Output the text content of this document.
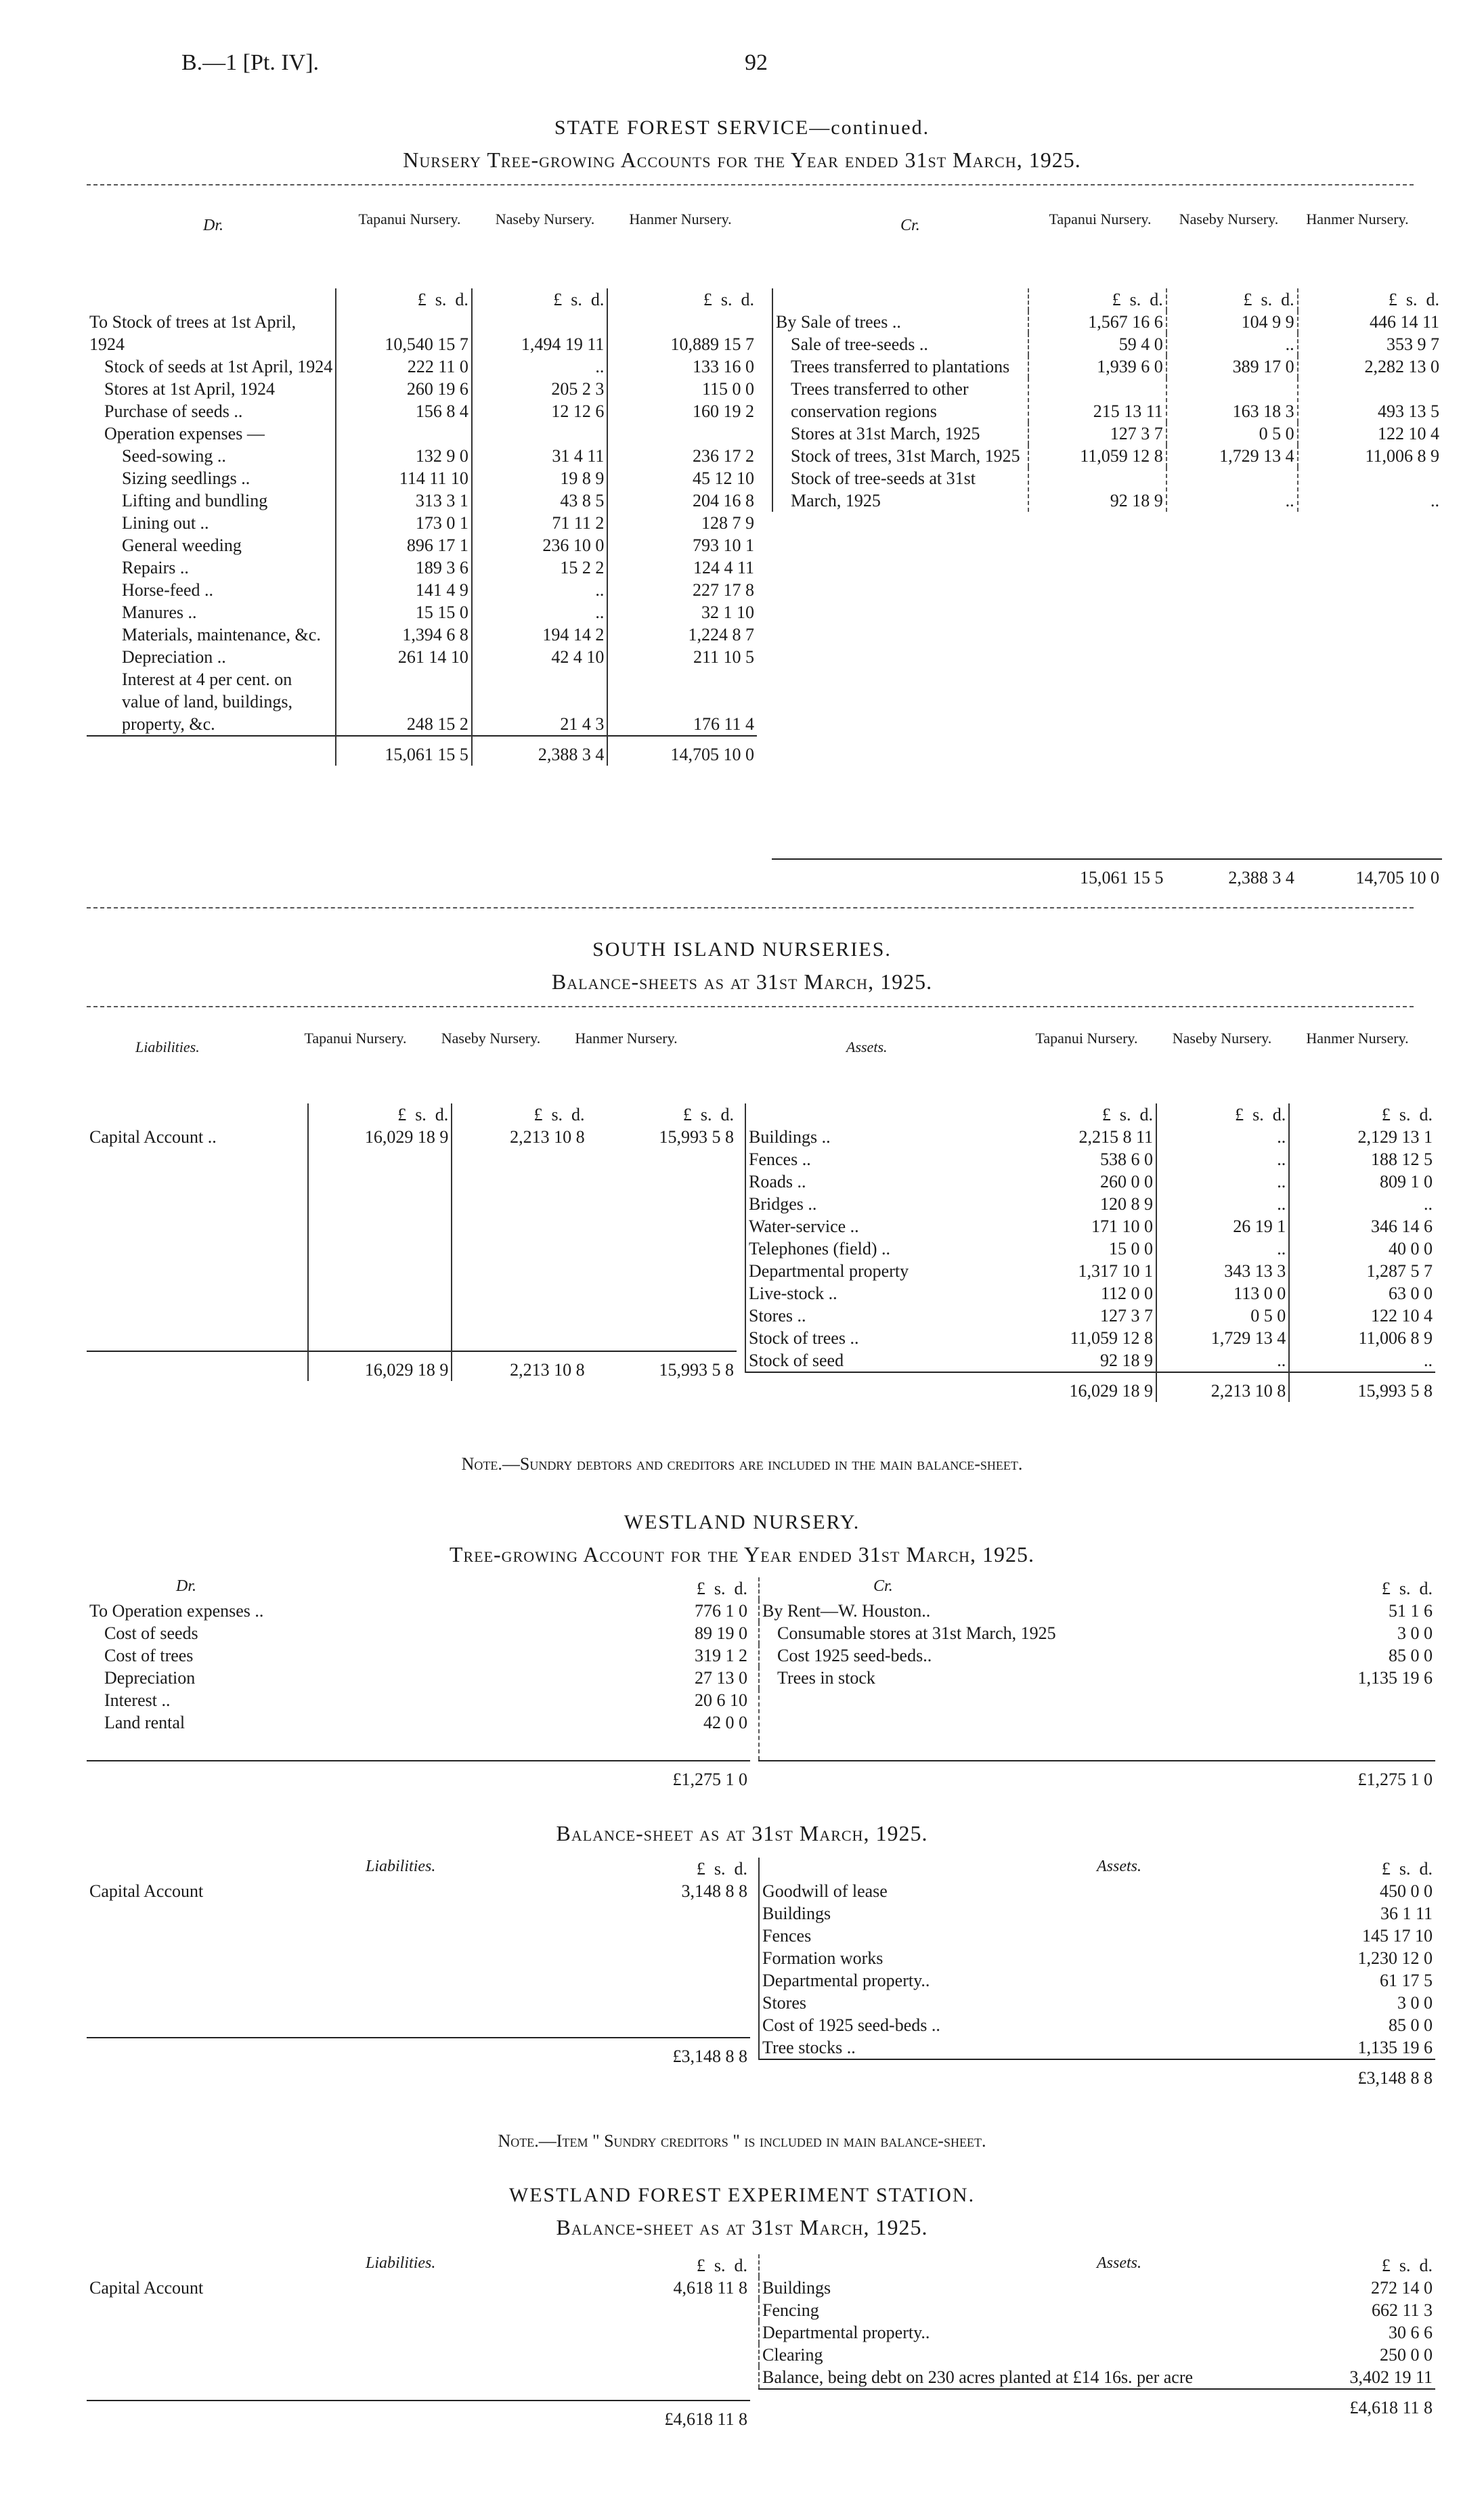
B.—1 [Pt. IV].	92
STATE FOREST SERVICE—continued.
Nursery Tree-growing Accounts for the Year ended 31st March, 1925.
Dr.	Tapanui Nursery.	Naseby Nursery.	Hanmer Nursery.	Cr.	Tapanui Nursery.	Naseby Nursery.	Hanmer Nursery.
	£ s. d.	£  s.  d.	£  s.  d.
To Stock of trees at 1st April, 1924	10,540 15 7	1,494 19 11	10,889 15 7
Stock of seeds at 1st April, 1924	222 11 0	..	133 16 0
Stores at 1st April, 1924	260 19 6	205 2 3	115 0 0
Purchase of seeds ..	156 8 4	12 12 6	160 19 2
Operation expenses —			
Seed-sowing ..	132 9 0	31 4 11	236 17 2
Sizing seedlings ..	114 11 10	19 8 9	45 12 10
Lifting and bundling	313 3 1	43 8 5	204 16 8
Lining out ..	173 0 1	71 11 2	128 7 9
General weeding	896 17 1	236 10 0	793 10 1
Repairs ..	189 3 6	15 2 2	124 4 11
Horse-feed ..	141 4 9	..	227 17 8
Manures ..	15 15 0	..	32 1 10
Materials, maintenance, &c.	1,394 6 8	194 14 2	1,224 8 7
Depreciation ..	261 14 10	42 4 10	211 10 5
Interest at 4 per cent. on value of land, buildings, property, &c.	248 15 2	21 4 3	176 11 4
	15,061 15 5	2,388 3 4	14,705 10 0
	£  s.  d.	£  s.  d.	£  s.  d.
By Sale of trees ..	1,567 16 6	104 9 9	446 14 11
Sale of tree-seeds ..	59 4 0	..	353 9 7
Trees transferred to plantations	1,939 6 0	389 17 0	2,282 13 0
Trees transferred to other conservation regions	215 13 11	163 18 3	493 13 5
Stores at 31st March, 1925	127 3 7	0 5 0	122 10 4
Stock of trees, 31st March, 1925	11,059 12 8	1,729 13 4	11,006 8 9
Stock of tree-seeds at 31st March, 1925	92 18 9	..	..
	15,061 15 5	2,388 3 4	14,705 10 0
SOUTH ISLAND NURSERIES.
Balance-sheets as at 31st March, 1925.
Liabilities.
Tapanui Nursery.	Naseby Nursery.	Hanmer Nursery.
Assets.
Tapanui Nursery.	Naseby Nursery.	Hanmer Nursery.
	£  s.  d.	£  s.  d.	£  s.  d.
Capital Account ..	16,029 18 9	2,213 10 8	15,993 5 8

	16,029 18 9	2,213 10 8	15,993 5 8
	£  s.  d.	£  s.  d.	£  s.  d.
Buildings ..	2,215 8 11	..	2,129 13 1
Fences ..	538 6 0	..	188 12 5
Roads ..	260 0 0	..	809 1 0
Bridges ..	120 8 9	..	..
Water-service ..	171 10 0	26 19 1	346 14 6
Telephones (field) ..	15 0 0	..	40 0 0
Departmental property	1,317 10 1	343 13 3	1,287 5 7
Live-stock ..	112 0 0	113 0 0	63 0 0
Stores ..	127 3 7	0 5 0	122 10 4
Stock of trees ..	11,059 12 8	1,729 13 4	11,006 8 9
Stock of seed	92 18 9	..	..
	16,029 18 9	2,213 10 8	15,993 5 8
Note.—Sundry debtors and creditors are included in the main balance-sheet.
WESTLAND NURSERY.
Tree-growing Account for the Year ended 31st March, 1925.
Dr.	Cr.
	£  s.  d.
To Operation expenses ..	776 1 0
Cost of seeds	89 19 0
Cost of trees	319 1 2
Depreciation	27 13 0
Interest ..	20 6 10
Land rental	42 0 0

	£1,275 1 0
	£  s.  d.
By Rent—W. Houston..	51 1 6
Consumable stores at 31st March, 1925	3 0 0
Cost 1925 seed-beds..	85 0 0
Trees in stock	1,135 19 6

	£1,275 1 0
Balance-sheet as at 31st March, 1925.
Liabilities.	Assets.
	£  s.  d.
Capital Account	3,148 8 8

	£3,148 8 8
	£  s.  d.
Goodwill of lease	450 0 0
Buildings	36 1 11
Fences	145 17 10
Formation works	1,230 12 0
Departmental property..	61 17 5
Stores	3 0 0
Cost of 1925 seed-beds ..	85 0 0
Tree stocks ..	1,135 19 6
	£3,148 8 8
Note.—Item " Sundry creditors " is included in main balance-sheet.
WESTLAND FOREST EXPERIMENT STATION.
Balance-sheet as at 31st March, 1925.
Liabilities.	Assets.
	£  s.  d.
Capital Account	4,618 11 8

	£4,618 11 8
	£  s.  d.
Buildings	272 14 0
Fencing	662 11 3
Departmental property..	30 6 6
Clearing	250 0 0
Balance, being debt on 230 acres planted at £14 16s. per acre	3,402 19 11
	£4,618 11 8
